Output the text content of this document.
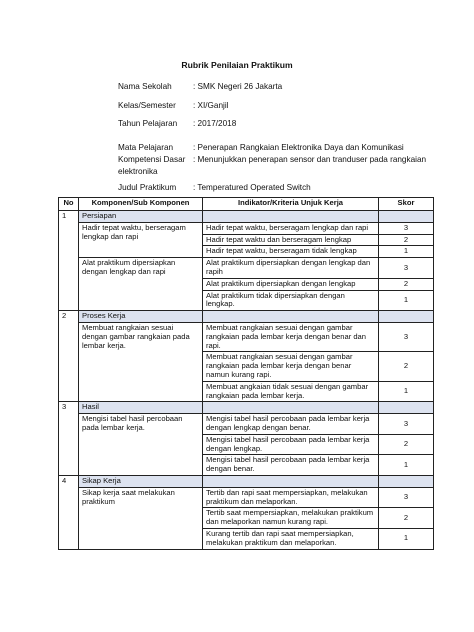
Rubrik Penilaian Praktikum
Nama Sekolah	: SMK Negeri 26 Jakarta
Kelas/Semester : XI/Ganjil
Tahun Pelajaran : 2017/2018
Mata Pelajaran : Penerapan Rangkaian Elektronika Daya dan Komunikasi
Kompetensi Dasar : Menunjukkan penerapan sensor dan tranduser pada rangkaian
elektronika
Judul Praktikum : Temperatured Operated Switch
No	Komponen/Sub Komponen	Indikator/Kriteria Unjuk Kerja	Skor
1	Persiapan		
	Hadir tepat waktu, berseragam lengkap dan rapi	Hadir tepat waktu, berseragam lengkap dan rapi	3
		Hadir tepat waktu dan berseragam lengkap	2
		Hadir tepat waktu, berseragam tidak lengkap	1
	Alat praktikum dipersiapkan dengan lengkap dan rapi	Alat praktikum dipersiapkan dengan lengkap dan rapih	3
		Alat praktikum dipersiapkan dengan lengkap	2
		Alat praktikum tidak dipersiapkan dengan lengkap.	1
2	Proses Kerja		
	Membuat rangkaian sesuai dengan gambar rangkaian pada lembar kerja.	Membuat rangkaian sesuai dengan gambar rangkaian pada lembar kerja dengan benar dan rapi.	3
		Membuat rangkaian sesuai dengan gambar rangkaian pada lembar kerja dengan benar namun kurang rapi.	2
		Membuat angkaian tidak sesuai dengan gambar rangkaian pada lembar kerja.	1
3	Hasil		
	Mengisi tabel hasil percobaan pada lembar kerja.	Mengisi tabel hasil percobaan pada lembar kerja dengan lengkap dengan benar.	3
		Mengisi tabel hasil percobaan pada lembar kerja dengan lengkap.	2
		Mengisi tabel hasil percobaan pada lembar kerja dengan benar.	1
4	Sikap Kerja		
	Sikap kerja saat melakukan praktikum	Tertib dan rapi saat mempersiapkan, melakukan praktikum dan melaporkan.	3
		Tertib saat mempersiapkan, melakukan praktikum dan melaporkan namun kurang rapi.	2
		Kurang tertib dan rapi saat mempersiapkan, melakukan praktikum dan melaporkan.	1
